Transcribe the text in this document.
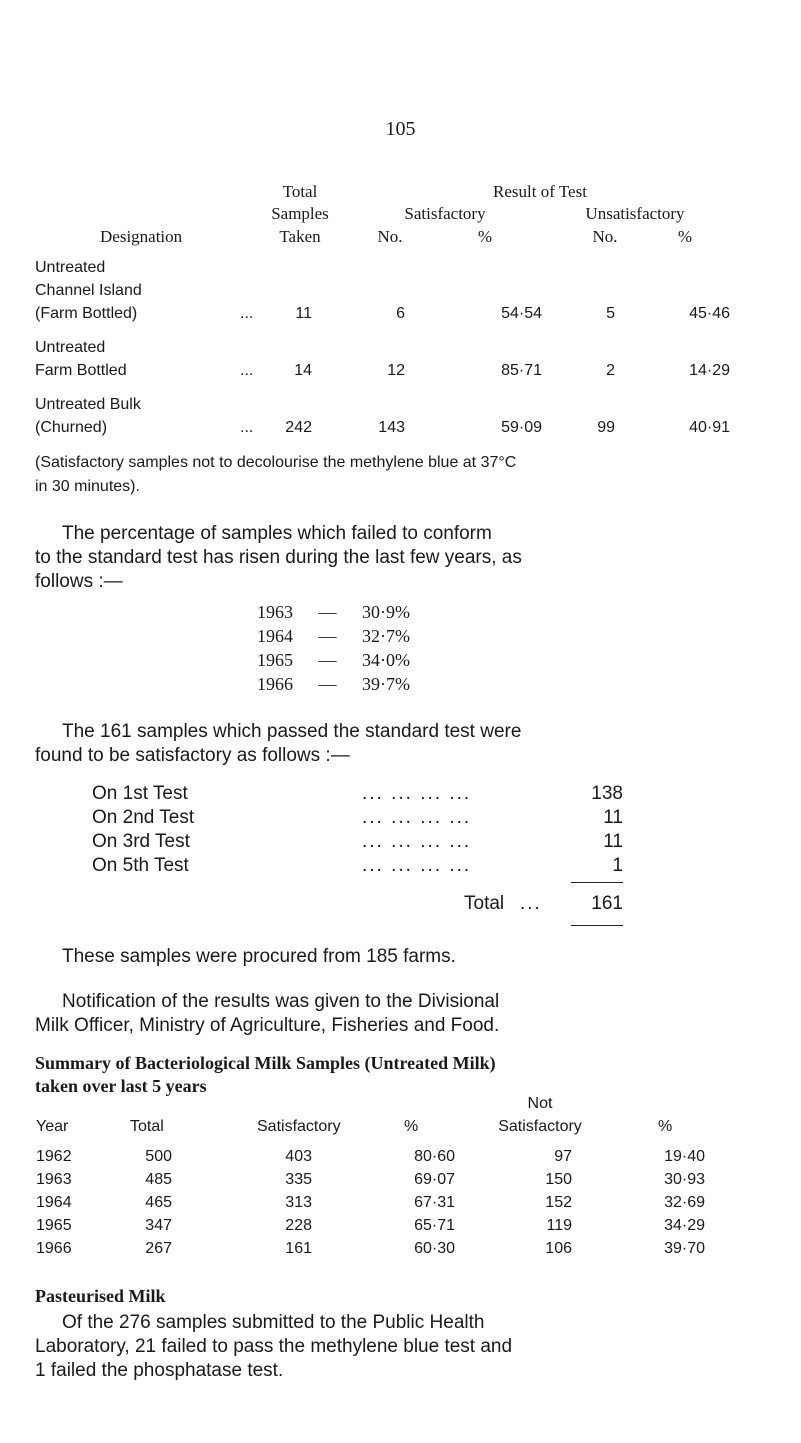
105
Total
Samples
Taken
Result of Test
Satisfactory	Unsatisfactory
Designation	No.	%	No.	%
Untreated
Channel Island
(Farm Bottled)	...	11	6	54·54	5	45·46
Untreated
Farm Bottled	...	14	12	85·71	2	14·29
Untreated Bulk
(Churned)	...	242	143	59·09	99	40·91
(Satisfactory samples not to decolourise the methylene blue at 37°C
in 30 minutes).
The percentage of samples which failed to conform
to the standard test has risen during the last few years, as
follows :—
1963 — 30·9%
1964 — 32·7%
1965 — 34·0%
1966 — 39·7%
The 161 samples which passed the standard test were
found to be satisfactory as follows :—
On 1st Test	... ... ... ...	138
On 2nd Test	... ... ... ...	11
On 3rd Test	... ... ... ...	11
On 5th Test	... ... ... ...	1
Total ...	161
These samples were procured from 185 farms.
Notification of the results was given to the Divisional
Milk Officer, Ministry of Agriculture, Fisheries and Food.
Summary of Bacteriological Milk Samples (Untreated Milk)
taken over last 5 years
Not
Year	Total	Satisfactory	%	Satisfactory	%
1962	500	403	80·60	97	19·40
1963	485	335	69·07	150	30·93
1964	465	313	67·31	152	32·69
1965	347	228	65·71	119	34·29
1966	267	161	60·30	106	39·70
Pasteurised Milk
Of the 276 samples submitted to the Public Health
Laboratory, 21 failed to pass the methylene blue test and
1 failed the phosphatase test.
